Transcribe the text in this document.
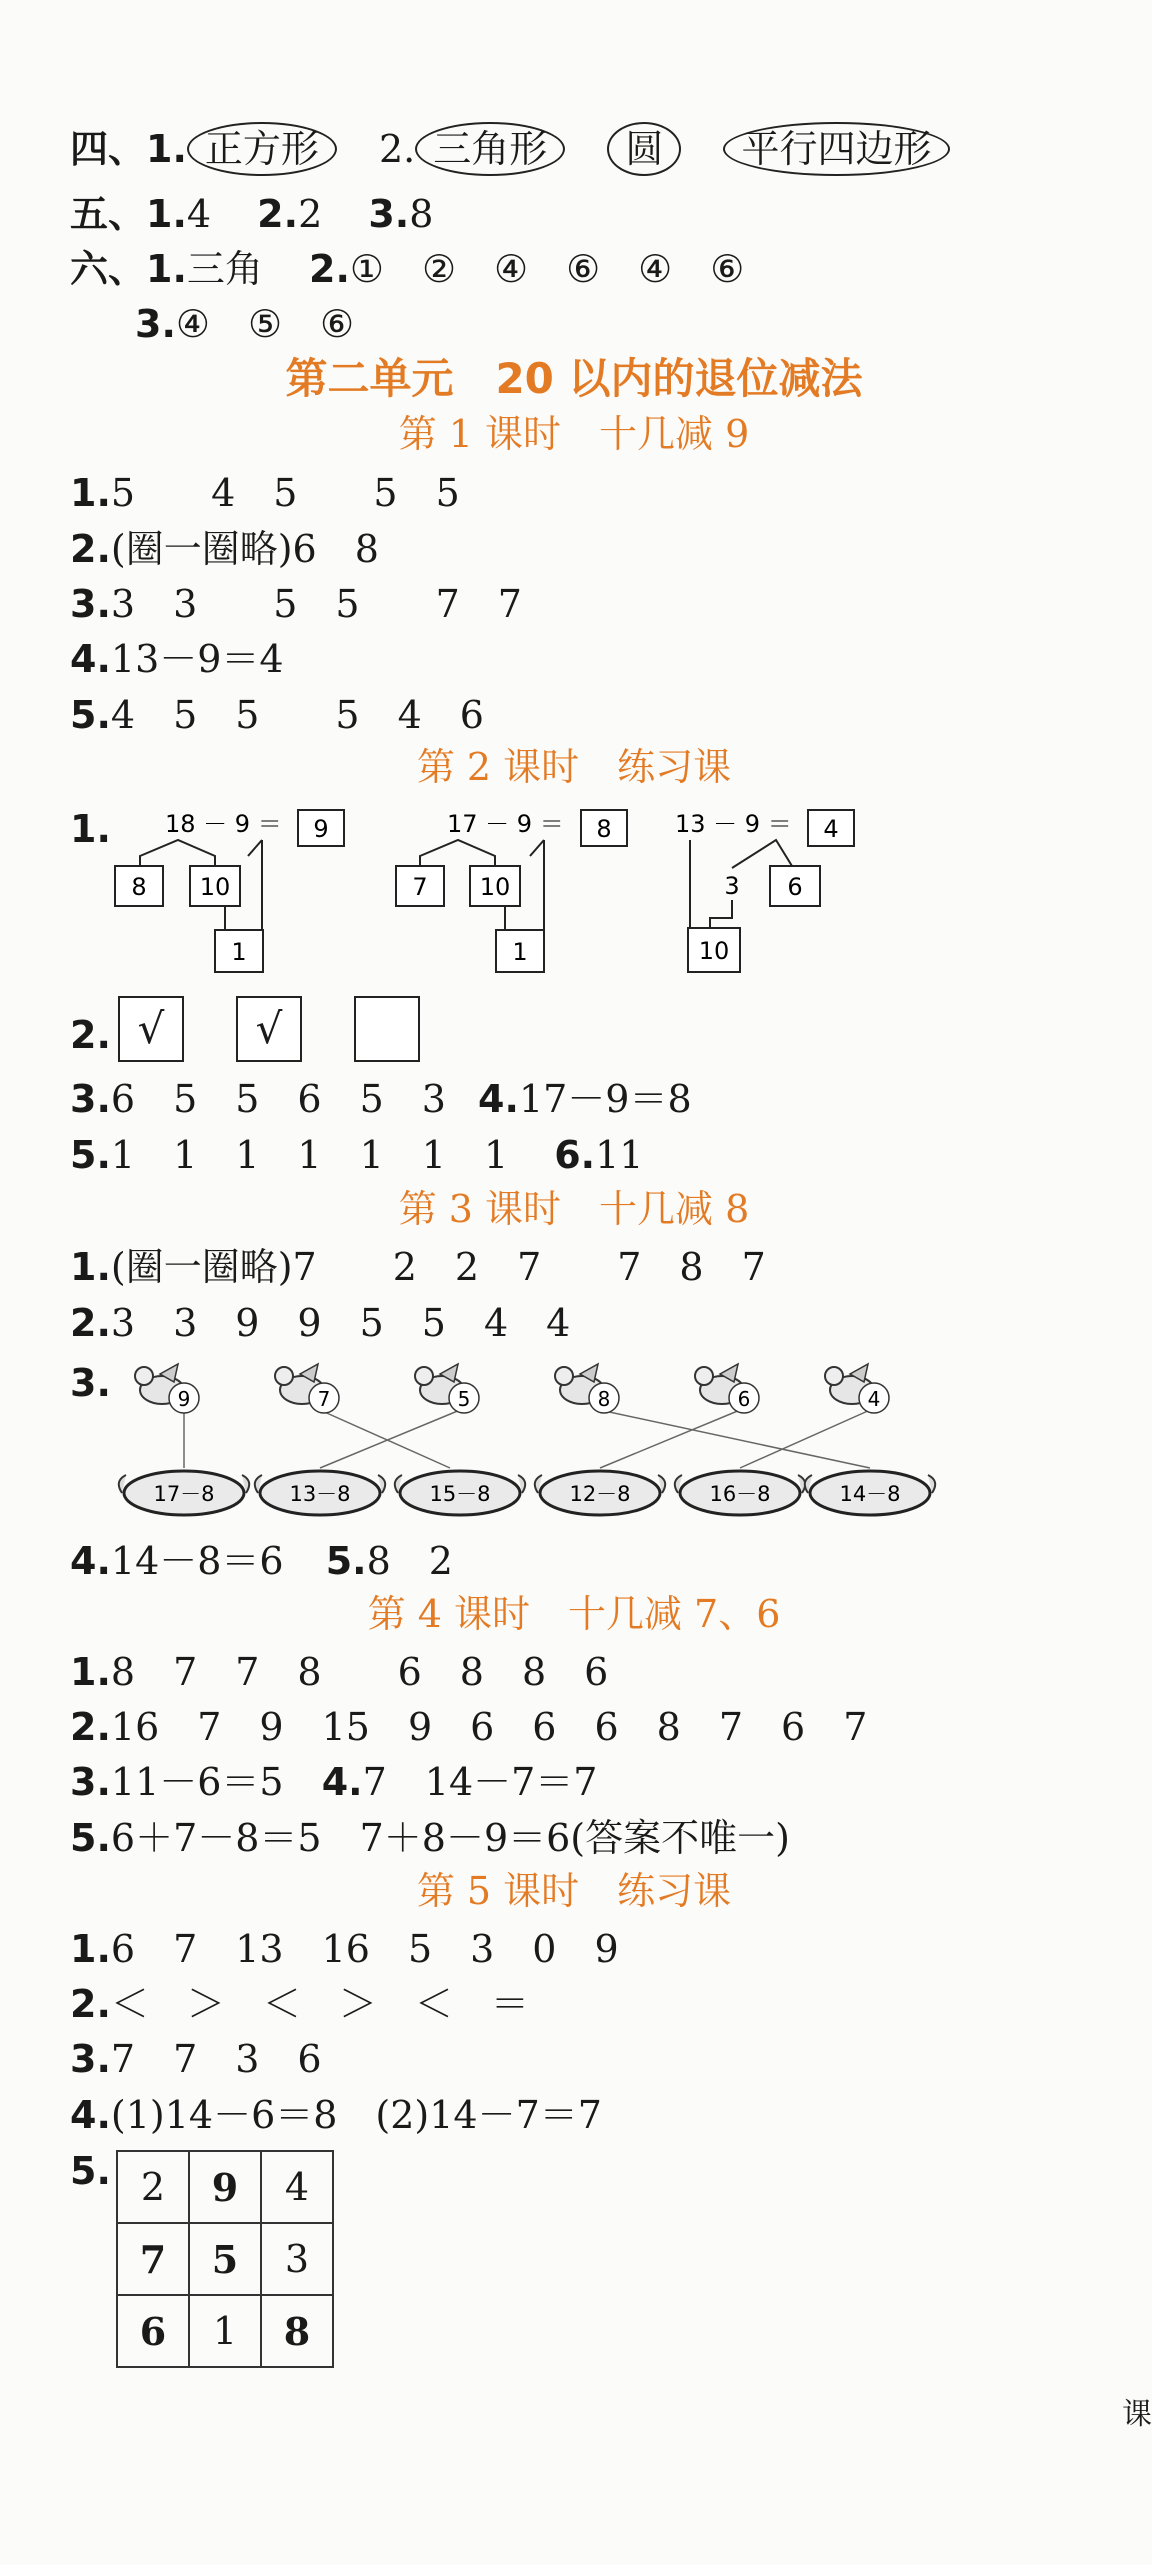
四、1. 正方形 2. 三角形 圆 平行四边形
五、1.4 2.2 3.8
六、1.三角 2.①　②　④　⑥　④　⑥
3.④　⑤　⑥
第二单元　20 以内的退位减法
第 1 课时　十几减 9
1.5　　4　5　　5　5
2.(圈一圈略)6　8
3.3　3　　5　5　　7　7
4.13－9＝4
5.4　5　5　　5　4　6
第 2 课时　练习课
1. 18 － 9 ＝ 9
8 10
1
17 － 9 ＝ 8
7 10
1
13 － 9 ＝ 4
3 6
10
2. √	√
3.6　5　5　6　5　3 4.17－9＝8
5.1　1　1　1　1　1　1 6.11
第 3 课时　十几减 8
1.(圈一圈略)7　　2　2　7　　7　8　7
2.3　3　9　9　5　5　4　4
3.	9	7	5	8	6	4
17－8	13－8	15－8	12－8	16－8	14－8
4.14－8＝6 5.8　2
第 4 课时　十几减 7、6
1.8　7　7　8　　6　8　8　6
2.16　7　9　15　9　6　6　6　8　7　6　7
3.11－6＝5 4.7　14－7＝7
5.6＋7－8＝5　7＋8－9＝6(答案不唯一)
第 5 课时　练习课
1.6　7　13　16　5　3　0　9
2.＜　＞　＜　＞　＜　＝
3.7　7　3　6
4.(1)14－6＝8　(2)14－7＝7
5. 2	9	4
7	5	3
6	1	8
课
